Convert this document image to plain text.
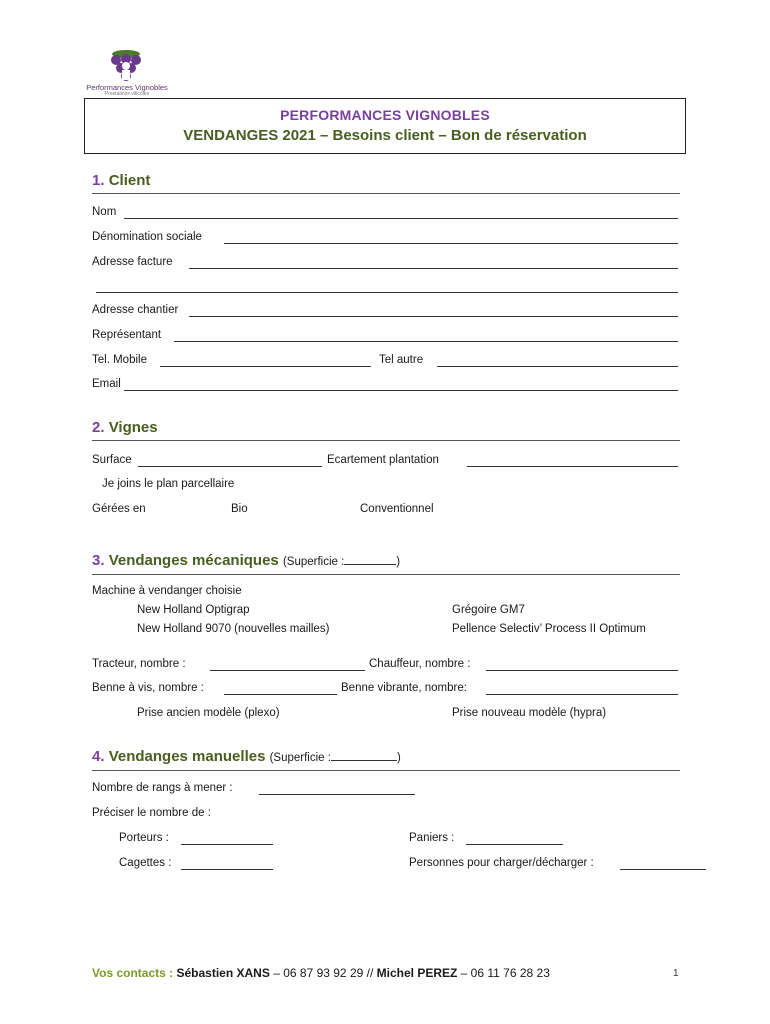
Performances Vignobles
Prestations viticoles
PERFORMANCES VIGNOBLES
VENDANGES 2021 – Besoins client – Bon de réservation
1. Client
Nom
Dénomination sociale
Adresse facture
Adresse chantier
Représentant
Tel. Mobile	Tel autre
Email
2. Vignes
Surface	Ecartement plantation
Je joins le plan parcellaire
Gérées en	Bio	Conventionnel
3. Vendanges mécaniques (Superficie :	)
Machine à vendanger choisie
New Holland Optigrap	Grégoire GM7
New Holland 9070 (nouvelles mailles)	Pellence Selectiv’ Process II Optimum
Tracteur, nombre :	Chauffeur, nombre :
Benne à vis, nombre :	Benne vibrante, nombre:
Prise ancien modèle (plexo)	Prise nouveau modèle (hypra)
4. Vendanges manuelles (Superficie :	)
Nombre de rangs à mener :
Préciser le nombre de :
Porteurs :	Paniers :
Cagettes :	Personnes pour charger/décharger :
Vos contacts : Sébastien XANS – 06 87 93 92 29 // Michel PEREZ – 06 11 76 28 23	1
